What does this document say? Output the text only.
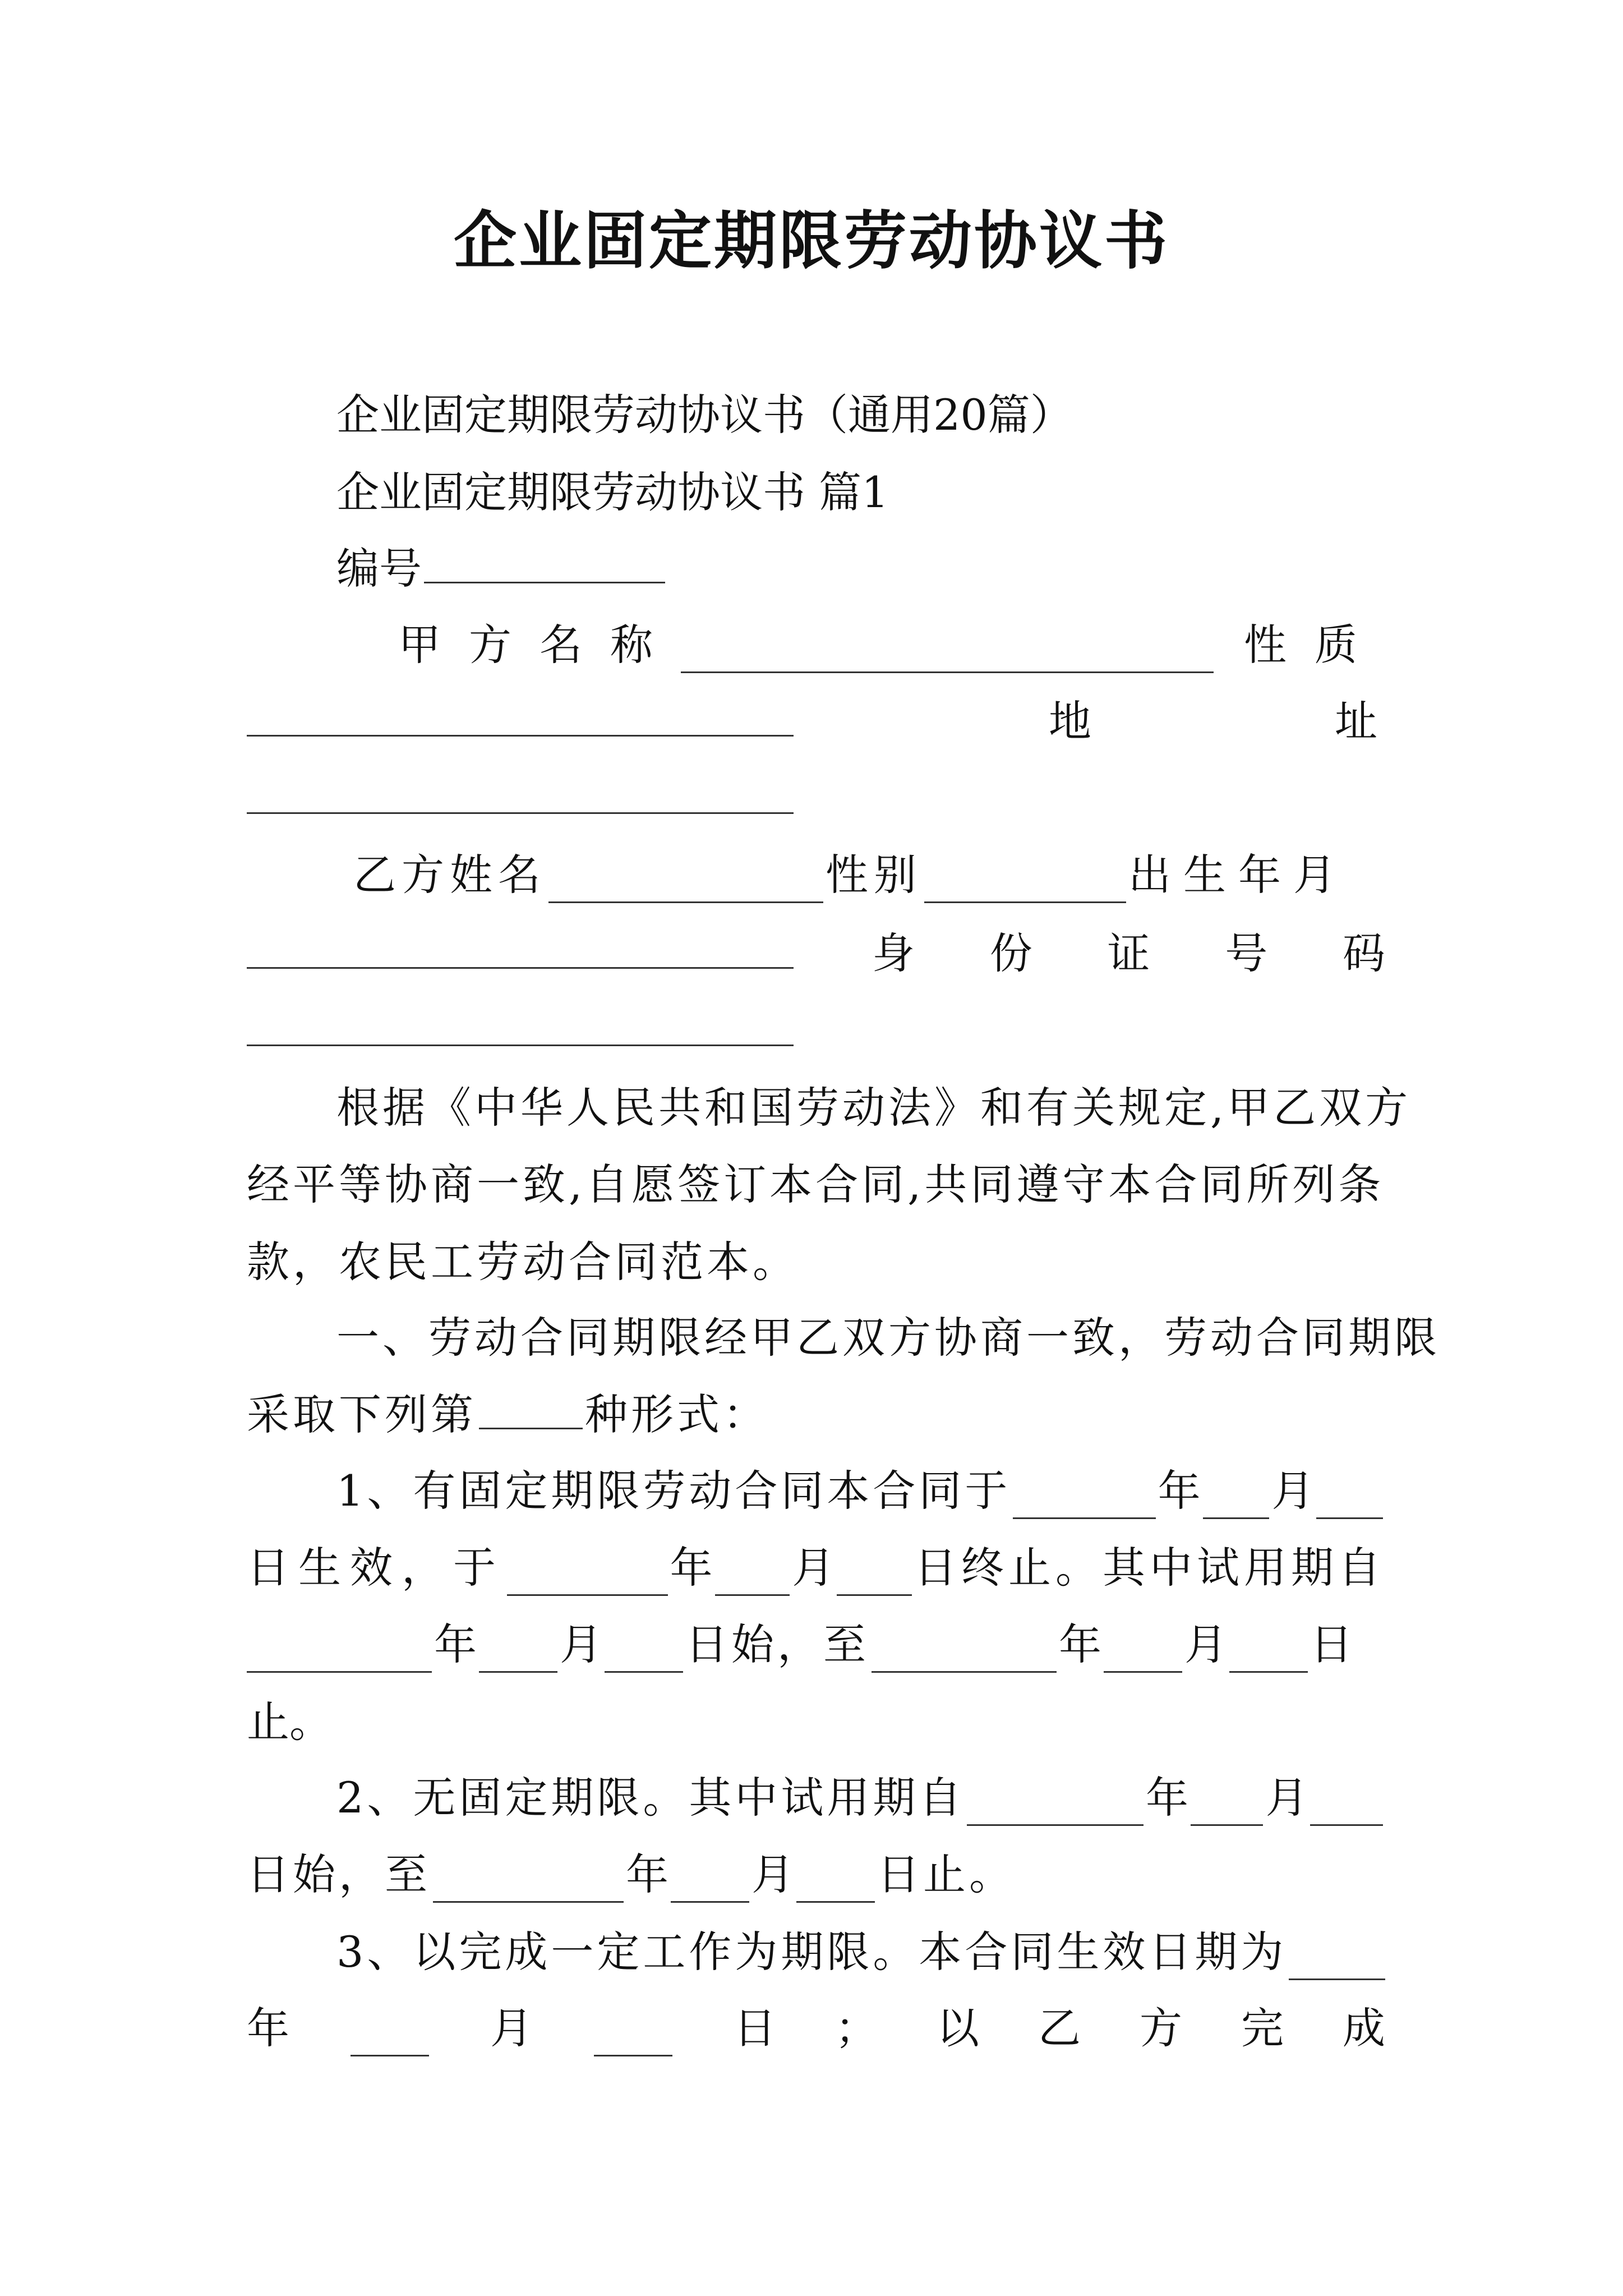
企业固定期限劳动协议书
企业固定期限劳动协议书（通用20篇）
企业固定期限劳动协议书 篇1
编号
甲方名称	性质
地	址
乙方姓名	性别	出生年月
身 份 证 号 码
根据《中华人民共和国劳动法》和有关规定,甲乙双方
经平等协商一致,自愿签订本合同,共同遵守本合同所列条
款，农民工劳动合同范本。
一、劳动合同期限经甲乙双方协商一致，劳动合同期限
采取下列第	种形式：
1、有固定期限劳动合同本合同于	年 月
日生效，于	年 月 日终止。其中试用期自
年 月 日始，至	年 月 日
止。
2、无固定期限。其中试用期自	年 月
日始，至	年 月 日止。
3、以完成一定工作为期限。本合同生效日期为
年	月	日 ； 以 乙 方 完 成
